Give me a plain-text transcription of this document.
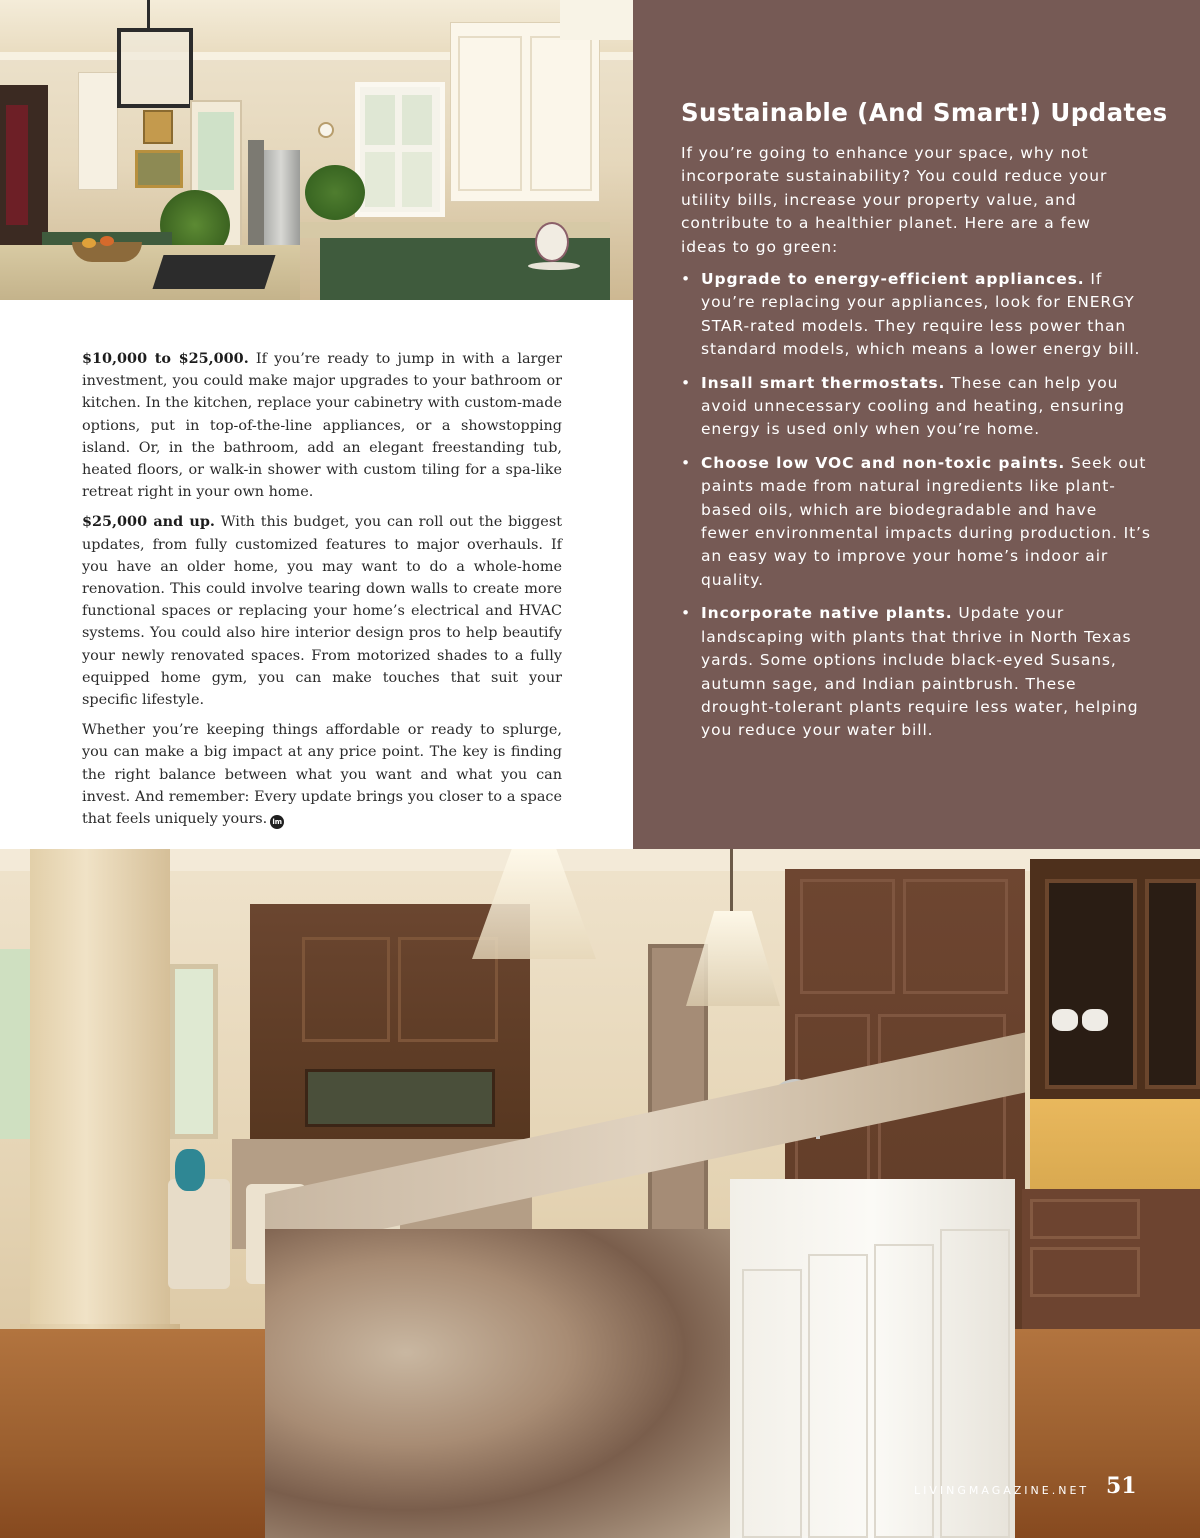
$10,000 to $25,000. If you’re ready to jump in with a larger investment, you could make major upgrades to your bathroom or kitchen. In the kitchen, replace your cabinetry with custom-made options, put in top-of-the-line appliances, or a showstopping island. Or, in the bathroom, add an elegant freestanding tub, heated floors, or walk-in shower with custom tiling for a spa-like retreat right in your own home.

$25,000 and up. With this budget, you can roll out the biggest updates, from fully customized features to major overhauls. If you have an older home, you may want to do a whole-home renovation. This could involve tearing down walls to create more functional spaces or replacing your home’s electrical and HVAC systems. You could also hire interior design pros to help beautify your newly renovated spaces. From motorized shades to a fully equipped home gym, you can make touches that suit your specific lifestyle.

Whether you’re keeping things affordable or ready to splurge, you can make a big impact at any price point. The key is finding the right balance between what you want and what you can invest. And remember: Every update brings you closer to a space that feels uniquely yours. lm

Sustainable (And Smart!) Updates

If you’re going to enhance your space, why not incorporate sustainability? You could reduce your utility bills, increase your property value, and contribute to a healthier planet. Here are a few ideas to go green:

• Upgrade to energy-efficient appliances. If you’re replacing your appliances, look for ENERGY STAR-rated models. They require less power than standard models, which means a lower energy bill.
• Insall smart thermostats. These can help you avoid unnecessary cooling and heating, ensuring energy is used only when you’re home.
• Choose low VOC and non-toxic paints. Seek out paints made from natural ingredients like plant-based oils, which are biodegradable and have fewer environmental impacts during production. It’s an easy way to improve your home’s indoor air quality.
• Incorporate native plants. Update your landscaping with plants that thrive in North Texas yards. Some options include black-eyed Susans, autumn sage, and Indian paintbrush. These drought-tolerant plants require less water, helping you reduce your water bill.
LIVINGMAGAZINE.NET 51
